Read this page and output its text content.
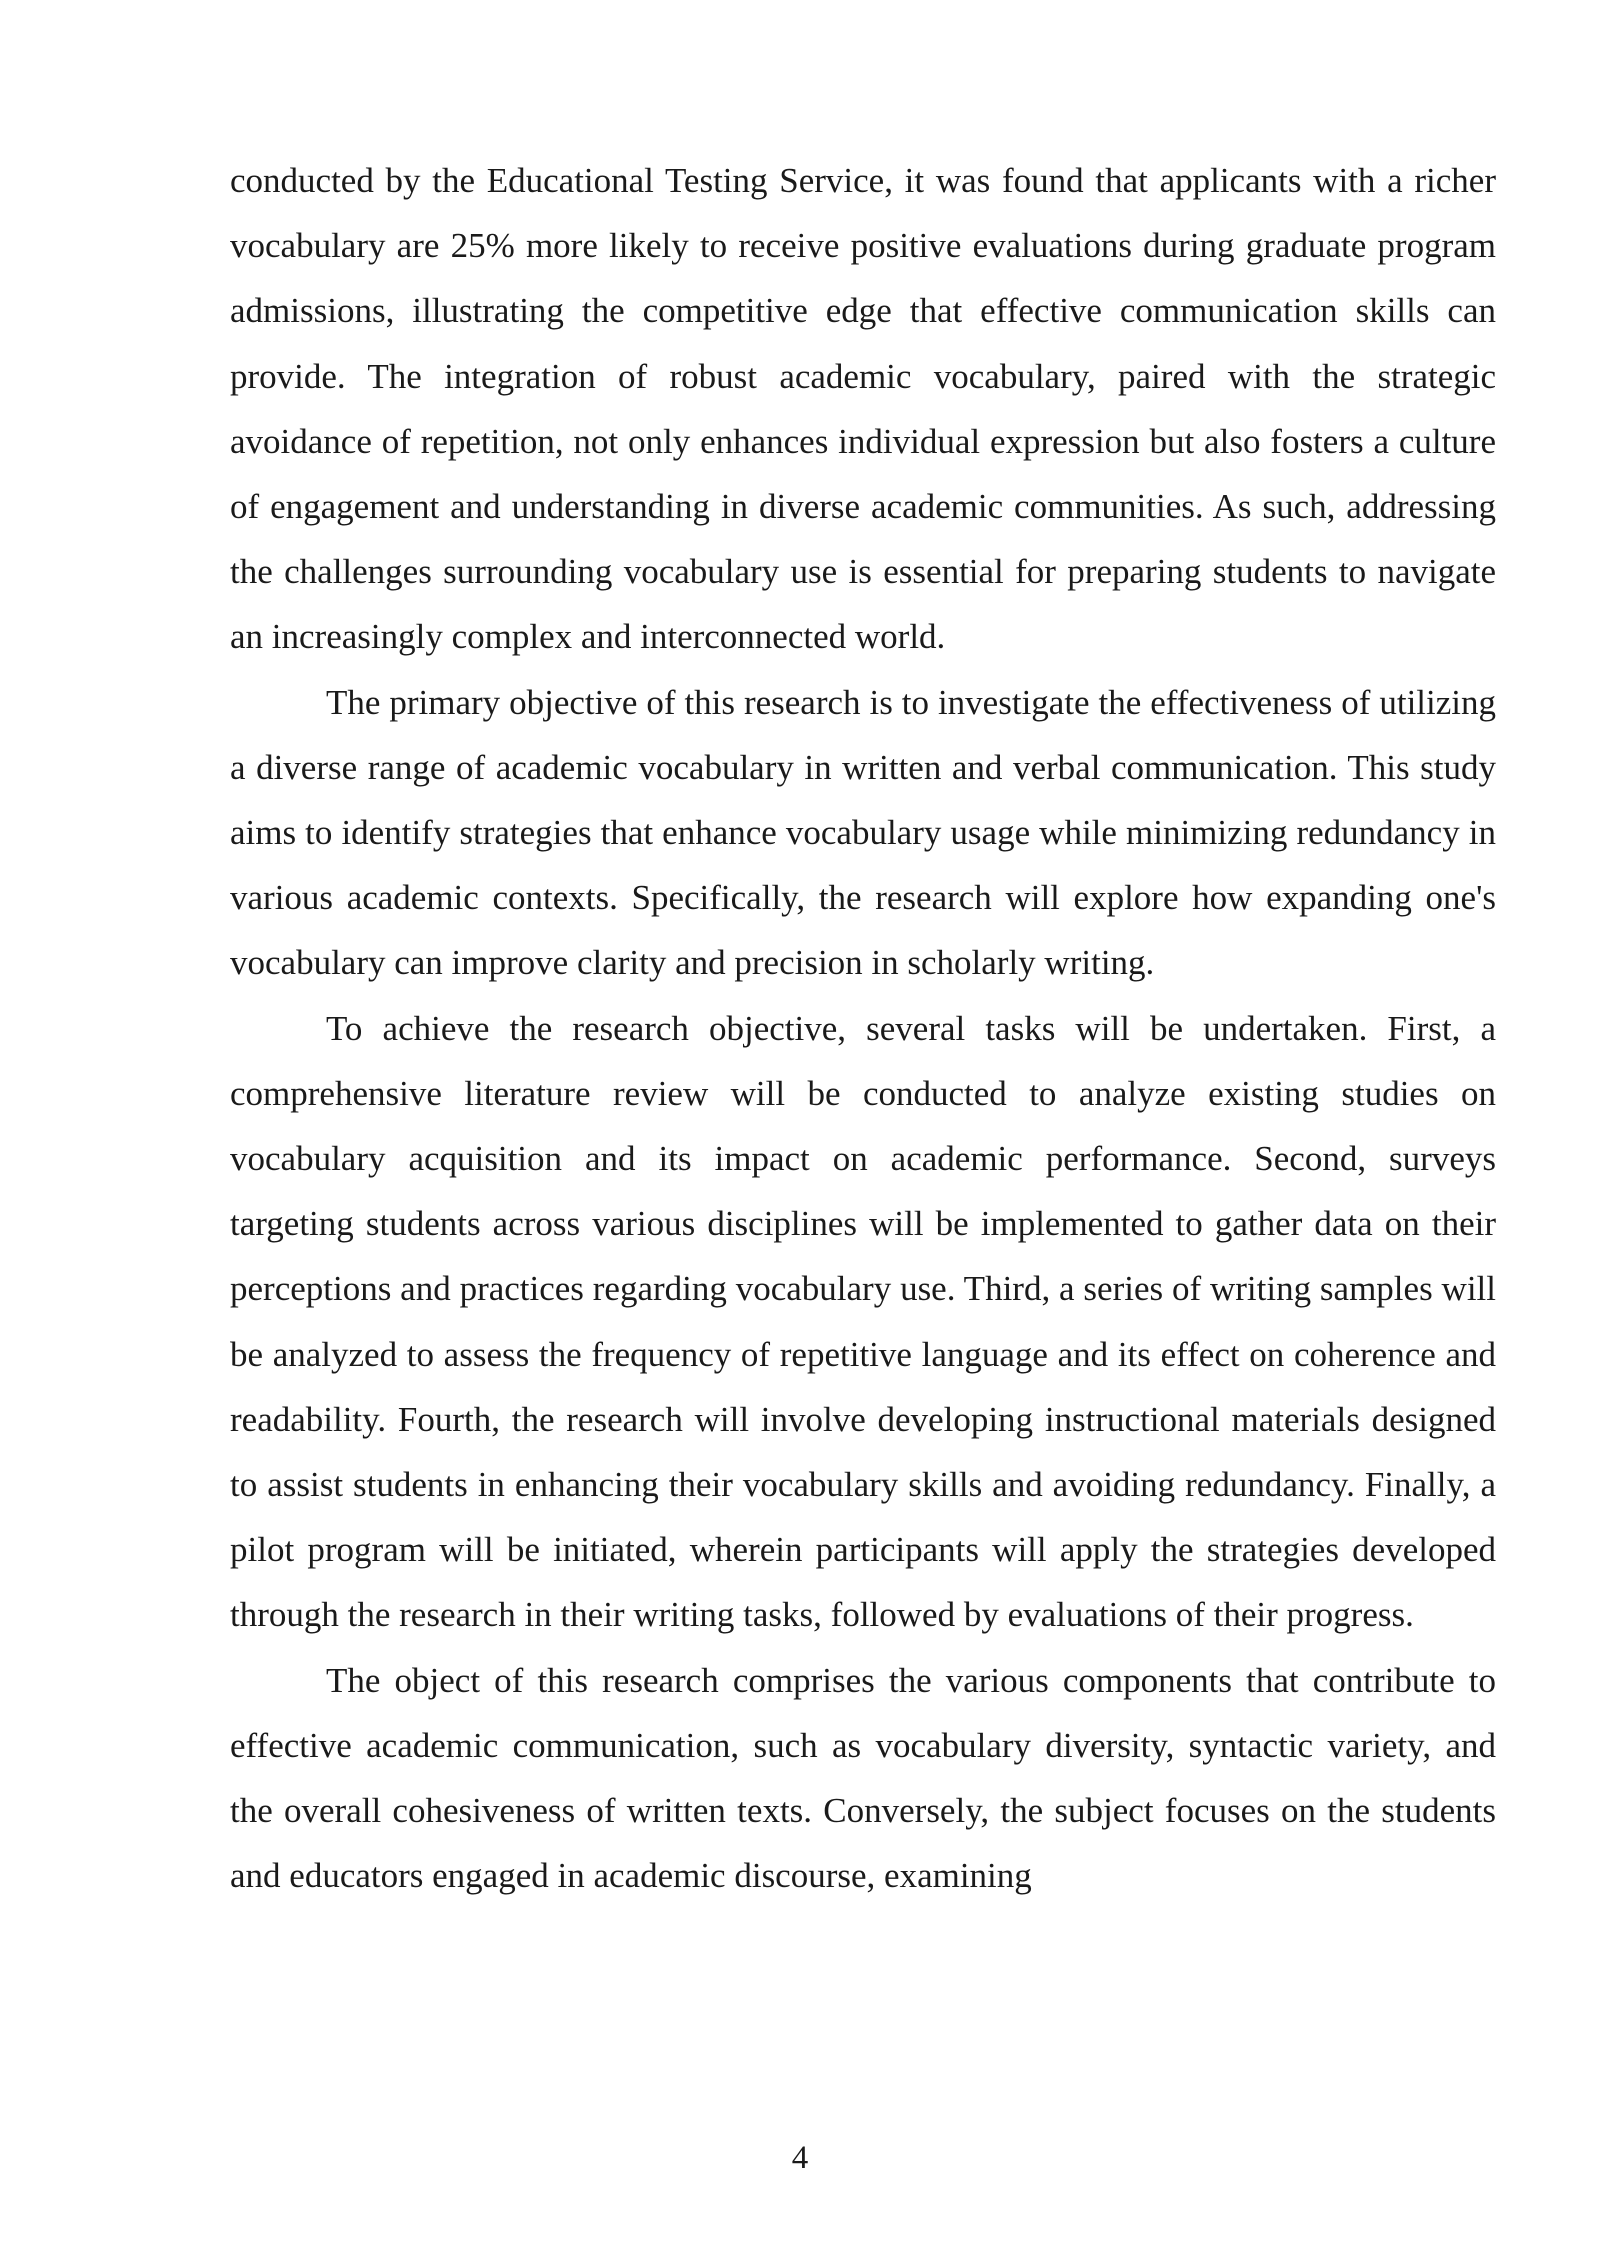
conducted by the Educational Testing Service, it was found that applicants with a richer vocabulary are 25% more likely to receive positive evaluations during graduate program admissions, illustrating the competitive edge that effective communication skills can provide. The integration of robust academic vocabulary, paired with the strategic avoidance of repetition, not only enhances individual expression but also fosters a culture of engagement and understanding in diverse academic communities. As such, addressing the challenges surrounding vocabulary use is essential for preparing students to navigate an increasingly complex and interconnected world.

The primary objective of this research is to investigate the effectiveness of utilizing a diverse range of academic vocabulary in written and verbal communication. This study aims to identify strategies that enhance vocabulary usage while minimizing redundancy in various academic contexts. Specifically, the research will explore how expanding one's vocabulary can improve clarity and precision in scholarly writing.

To achieve the research objective, several tasks will be undertaken. First, a comprehensive literature review will be conducted to analyze existing studies on vocabulary acquisition and its impact on academic performance. Second, surveys targeting students across various disciplines will be implemented to gather data on their perceptions and practices regarding vocabulary use. Third, a series of writing samples will be analyzed to assess the frequency of repetitive language and its effect on coherence and readability. Fourth, the research will involve developing instructional materials designed to assist students in enhancing their vocabulary skills and avoiding redundancy. Finally, a pilot program will be initiated, wherein participants will apply the strategies developed through the research in their writing tasks, followed by evaluations of their progress.

The object of this research comprises the various components that contribute to effective academic communication, such as vocabulary diversity, syntactic variety, and the overall cohesiveness of written texts. Conversely, the subject focuses on the students and educators engaged in academic discourse, examining

4
